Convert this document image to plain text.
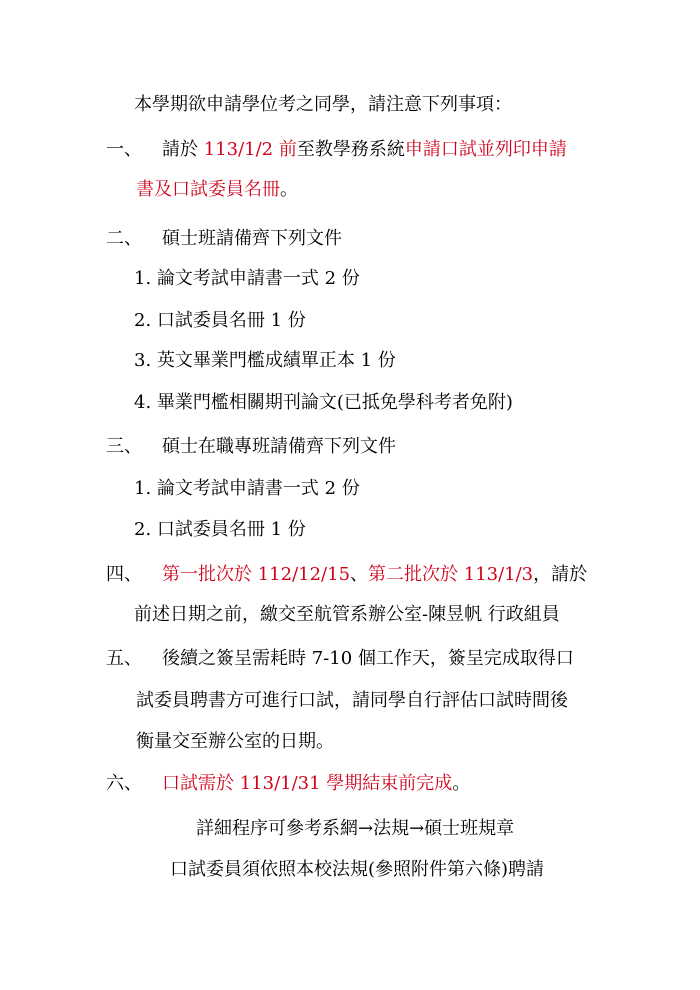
本學期欲申請學位考之同學，請注意下列事項：
一、	請於 113/1/2 前至教學務系統申請口試並列印申請
書及口試委員名冊。
二、	碩士班請備齊下列文件
1. 論文考試申請書一式 2 份
2. 口試委員名冊 1 份
3. 英文畢業門檻成績單正本 1 份
4. 畢業門檻相關期刊論文(已抵免學科考者免附)
三、	碩士在職專班請備齊下列文件
1. 論文考試申請書一式 2 份
2. 口試委員名冊 1 份
四、	第一批次於 112/12/15、第二批次於 113/1/3，請於
前述日期之前，繳交至航管系辦公室-陳昱帆 行政組員
五、	後續之簽呈需耗時 7-10 個工作天，簽呈完成取得口
試委員聘書方可進行口試，請同學自行評估口試時間後
衡量交至辦公室的日期。
六、	口試需於 113/1/31 學期結束前完成。
詳細程序可參考系網→法規→碩士班規章
口試委員須依照本校法規(參照附件第六條)聘請
